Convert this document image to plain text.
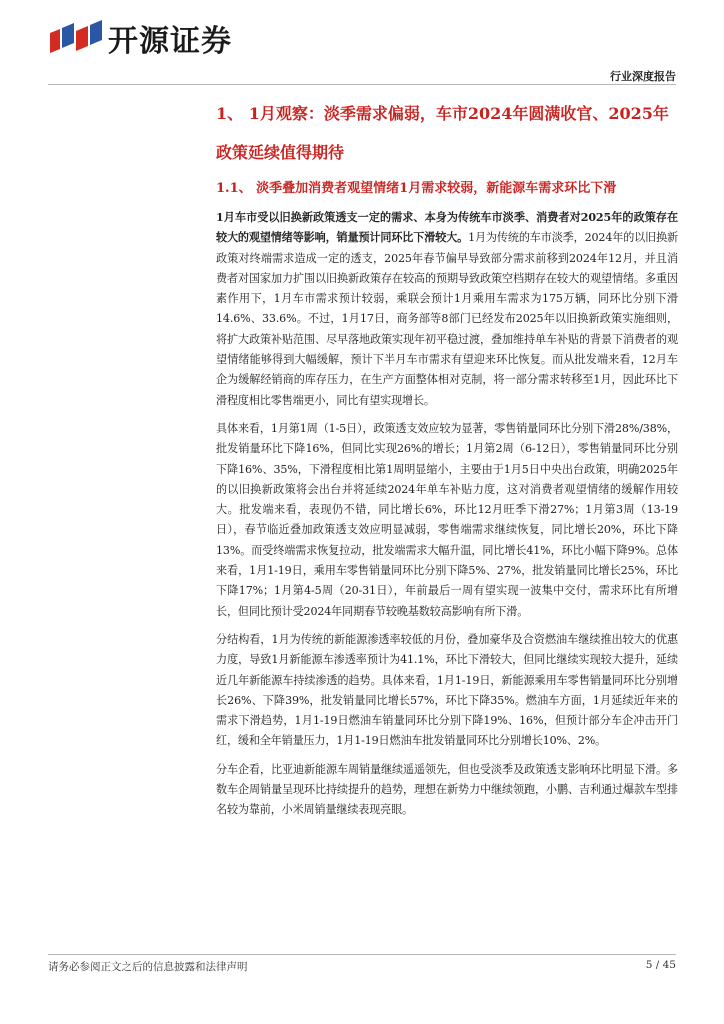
开源证券
行业深度报告
1、 1月观察：淡季需求偏弱，车市2024年圆满收官、2025年政策延续值得期待
1.1、 淡季叠加消费者观望情绪1月需求较弱，新能源车需求环比下滑

1月车市受以旧换新政策透支一定的需求、本身为传统车市淡季、消费者对2025年的政策存在较大的观望情绪等影响，销量预计同环比下滑较大。1月为传统的车市淡季，2024年的以旧换新政策对终端需求造成一定的透支，2025年春节偏早导致部分需求前移到2024年12月，并且消费者对国家加力扩围以旧换新政策存在较高的预期导致政策空档期存在较大的观望情绪。多重因素作用下，1月车市需求预计较弱，乘联会预计1月乘用车需求为175万辆，同环比分别下滑14.6%、33.6%。不过，1月17日，商务部等8部门已经发布2025年以旧换新政策实施细则，将扩大政策补贴范围、尽早落地政策实现年初平稳过渡，叠加维持单车补贴的背景下消费者的观望情绪能够得到大幅缓解，预计下半月车市需求有望迎来环比恢复。而从批发端来看，12月车企为缓解经销商的库存压力，在生产方面整体相对克制，将一部分需求转移至1月，因此环比下滑程度相比零售端更小，同比有望实现增长。

具体来看，1月第1周（1-5日），政策透支效应较为显著，零售销量同环比分别下滑28%/38%，批发销量环比下降16%，但同比实现26%的增长；1月第2周（6-12日），零售销量同环比分别下降16%、35%，下滑程度相比第1周明显缩小，主要由于1月5日中央出台政策，明确2025年的以旧换新政策将会出台并将延续2024年单车补贴力度，这对消费者观望情绪的缓解作用较大。批发端来看，表现仍不错，同比增长6%，环比12月旺季下滑27%；1月第3周（13-19日），春节临近叠加政策透支效应明显减弱，零售端需求继续恢复，同比增长20%，环比下降13%。而受终端需求恢复拉动，批发端需求大幅升温，同比增长41%，环比小幅下降9%。总体来看，1月1-19日，乘用车零售销量同环比分别下降5%、27%，批发销量同比增长25%，环比下降17%；1月第4-5周（20-31日），年前最后一周有望实现一波集中交付，需求环比有所增长，但同比预计受2024年同期春节较晚基数较高影响有所下滑。

分结构看，1月为传统的新能源渗透率较低的月份，叠加豪华及合资燃油车继续推出较大的优惠力度，导致1月新能源车渗透率预计为41.1%，环比下滑较大，但同比继续实现较大提升，延续近几年新能源车持续渗透的趋势。具体来看，1月1-19日，新能源乘用车零售销量同环比分别增长26%、下降39%，批发销量同比增长57%，环比下降35%。燃油车方面，1月延续近年来的需求下滑趋势，1月1-19日燃油车销量同环比分别下降19%、16%，但预计部分车企冲击开门红，缓和全年销量压力，1月1-19日燃油车批发销量同环比分别增长10%、2%。

分车企看，比亚迪新能源车周销量继续遥遥领先，但也受淡季及政策透支影响环比明显下滑。多数车企周销量呈现环比持续提升的趋势，理想在新势力中继续领跑，小鹏、吉利通过爆款车型排名较为靠前，小米周销量继续表现亮眼。

请务必参阅正文之后的信息披露和法律声明	5 / 45
